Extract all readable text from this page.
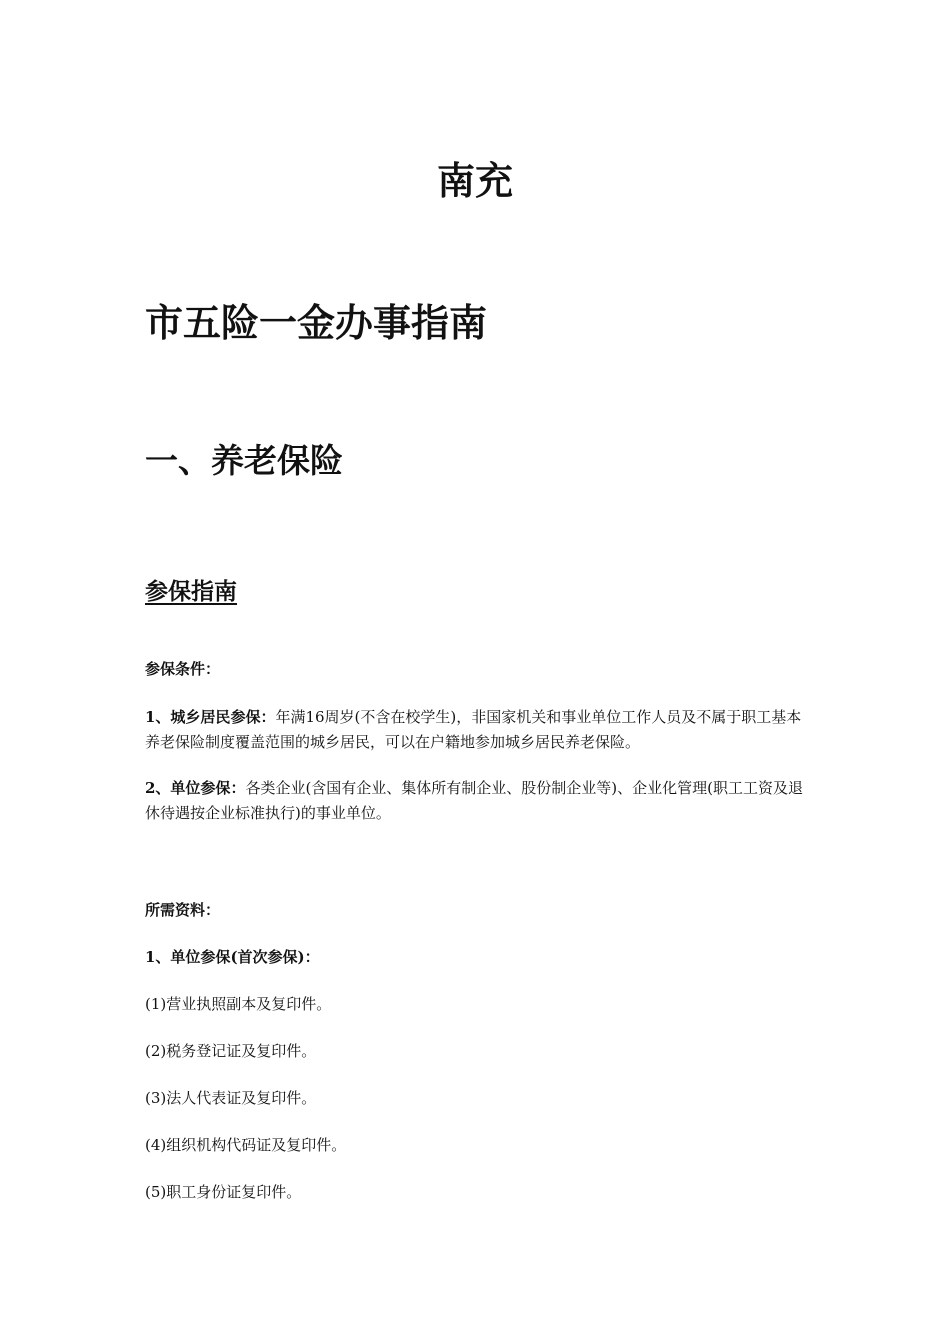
南充
市五险一金办事指南
一、养老保险
参保指南

参保条件：

1、城乡居民参保：年满16周岁(不含在校学生)，非国家机关和事业单位工作人员及不属于职工基本养老保险制度覆盖范围的城乡居民，可以在户籍地参加城乡居民养老保险。

2、单位参保：各类企业(含国有企业、集体所有制企业、股份制企业等)、企业化管理(职工工资及退休待遇按企业标准执行)的事业单位。

所需资料：

1、单位参保(首次参保)：

(1)营业执照副本及复印件。

(2)税务登记证及复印件。

(3)法人代表证及复印件。

(4)组织机构代码证及复印件。

(5)职工身份证复印件。
